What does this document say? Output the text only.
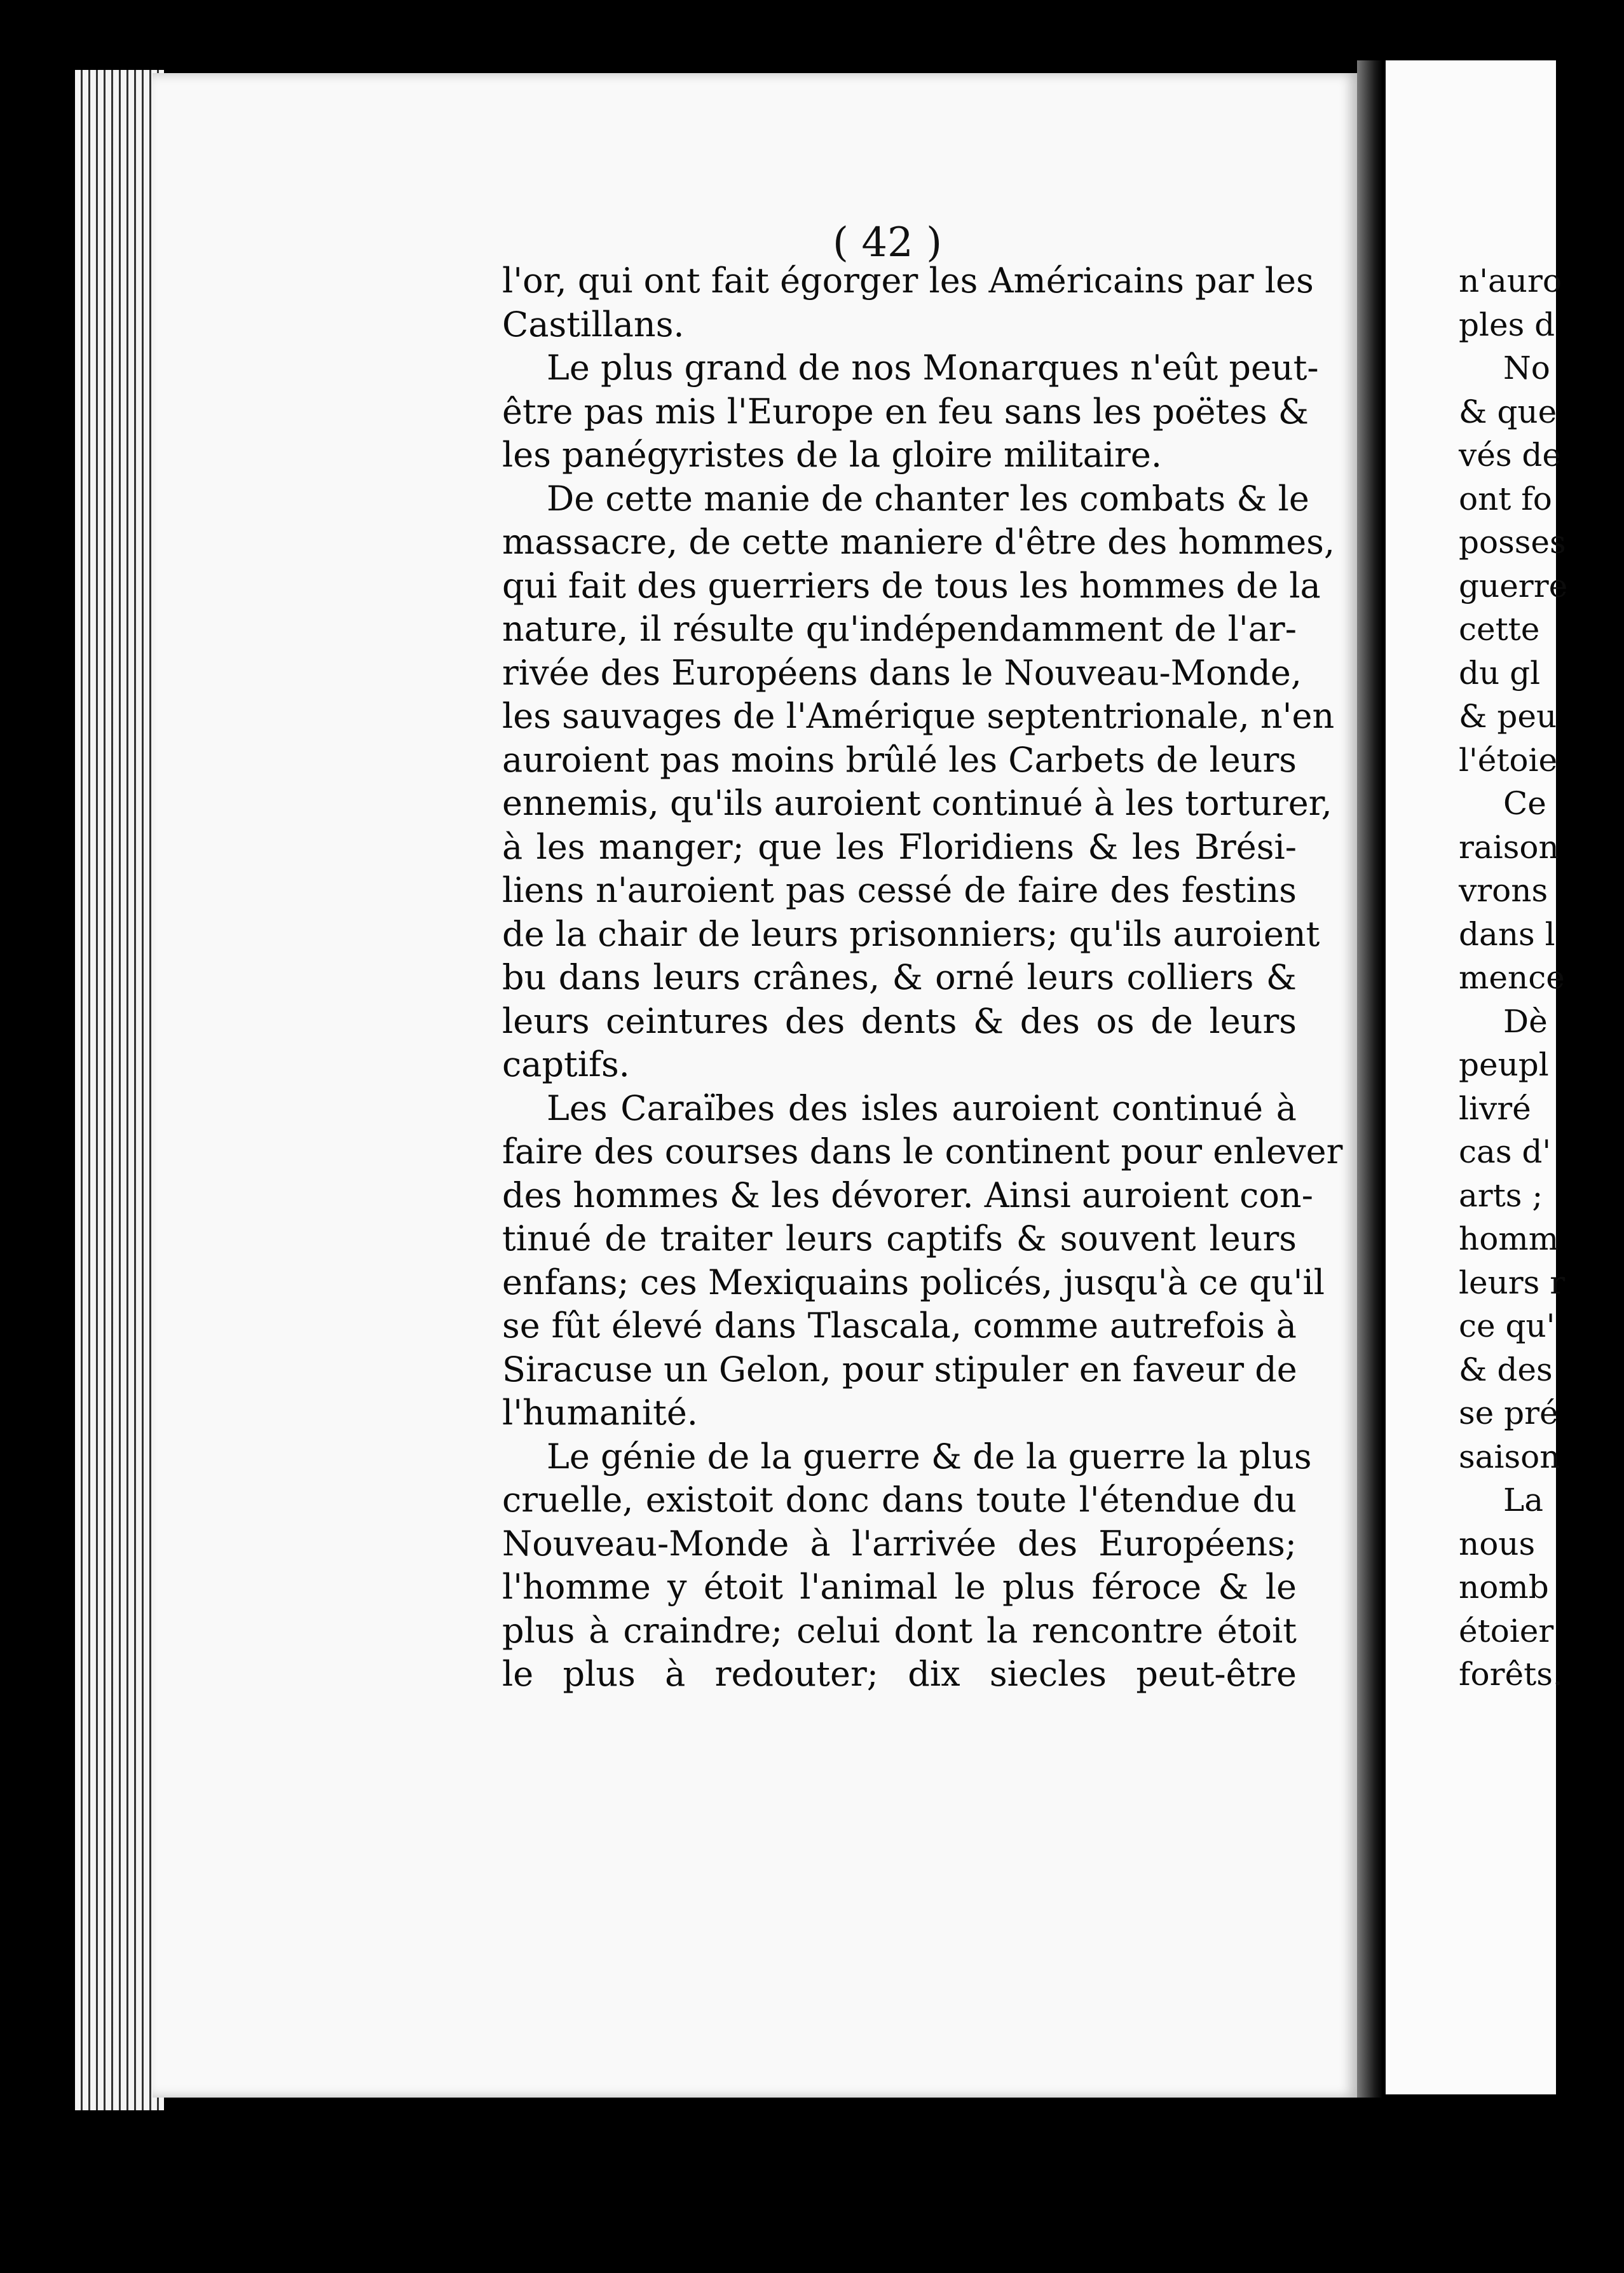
( 42 )
l'or, qui ont fait égorger les Américains par les
Castillans.
Le plus grand de nos Monarques n'eût peut-
être pas mis l'Europe en feu sans les poëtes &
les panégyristes de la gloire militaire.
De cette manie de chanter les combats & le
massacre, de cette maniere d'être des hommes,
qui fait des guerriers de tous les hommes de la
nature, il résulte qu'indépendamment de l'ar-
rivée des Européens dans le Nouveau-Monde,
les sauvages de l'Amérique septentrionale, n'en
auroient pas moins brûlé les Carbets de leurs
ennemis, qu'ils auroient continué à les torturer,
à les manger; que les Floridiens & les Brési-
liens n'auroient pas cessé de faire des festins
de la chair de leurs prisonniers; qu'ils auroient
bu dans leurs crânes, & orné leurs colliers &
leurs ceintures des dents & des os de leurs
captifs.
Les Caraïbes des isles auroient continué à
faire des courses dans le continent pour enlever
des hommes & les dévorer. Ainsi auroient con-
tinué de traiter leurs captifs & souvent leurs
enfans; ces Mexiquains policés, jusqu'à ce qu'il
se fût élevé dans Tlascala, comme autrefois à
Siracuse un Gelon, pour stipuler en faveur de
l'humanité.
Le génie de la guerre & de la guerre la plus
cruelle, existoit donc dans toute l'étendue du
Nouveau-Monde à l'arrivée des Européens;
l'homme y étoit l'animal le plus féroce & le
plus à craindre; celui dont la rencontre étoit
le plus à redouter; dix siecles peut-être
n'auro
ples d
No
& que
vés de
ont fo
posses
guerre
cette
du gl
& peu
l'étoie
Ce
raison
vrons
dans l
mence
Dè
peupl
livré
cas d'
arts ;
homm
leurs r
ce qu'
& des
se pré
saison
La
nous
nomb
étoier
forêts.
